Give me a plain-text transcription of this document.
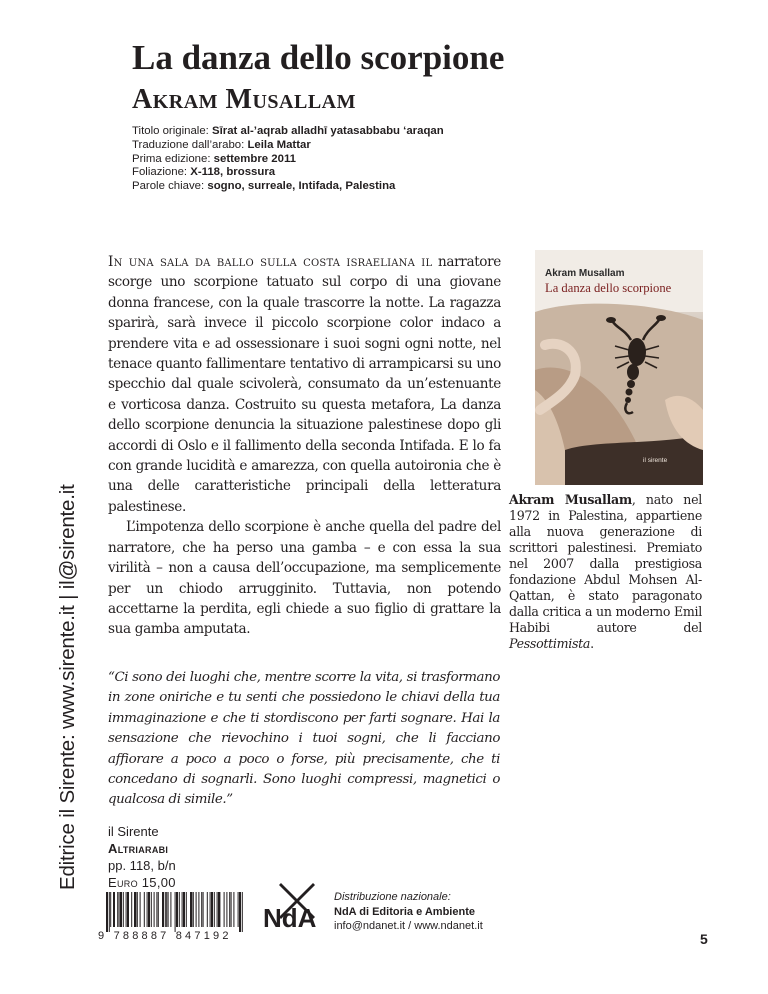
Editrice il Sirente: www.sirente.it | il@sirente.it
La danza dello scorpione
Akram Musallam
Titolo originale: Sīrat al-’aqrab alladhī yatasabbabu ‘araqan
Traduzione dall’arabo: Leila Mattar
Prima edizione: settembre 2011
Foliazione: X-118, brossura
Parole chiave: sogno, surreale, Intifada, Palestina

In una sala da ballo sulla costa israeliana il narratore scorge uno scorpione tatuato sul corpo di una giovane donna francese, con la quale trascorre la notte. La ragazza sparirà, sarà invece il piccolo scorpione color indaco a prendere vita e ad ossessionare i suoi sogni ogni notte, nel tenace quanto fallimentare tentativo di arrampicarsi su uno specchio dal quale scivolerà, consumato da un’estenuante e vorticosa danza. Costruito su questa metafora, La danza dello scorpione denuncia la situazione palestinese dopo gli accordi di Oslo e il fallimento della seconda Intifada. E lo fa con grande lucidità e amarezza, con quella autoironia che è una delle caratteristiche principali della letteratura palestinese.

L’impotenza dello scorpione è anche quella del padre del narratore, che ha perso una gamba – e con essa la sua virilità – non a causa dell’occupazione, ma semplicemente per un chiodo arrugginito. Tuttavia, non potendo accettarne la perdita, egli chiede a suo figlio di grattare la sua gamba amputata.

“Ci sono dei luoghi che, mentre scorre la vita, si trasformano in zone oniriche e tu senti che possiedono le chiavi della tua immaginazione e che ti stordiscono per farti sognare. Hai la sensazione che rievochino i tuoi sogni, che li facciano affiorare a poco a poco o forse, più precisamente, che ti concedano di sognarli. Sono luoghi compressi, magnetici o qualcosa di simile.”

Akram Musallam
La danza dello scorpione
il sirente

Akram Musallam, nato nel 1972 in Palestina, appartiene alla nuova generazione di scrittori palestinesi. Premiato nel 2007 dalla prestigiosa fondazione Abdul Mohsen Al-Qattan, è stato paragonato dalla critica a un moderno Emil Habibi autore del Pessottimista.

il Sirente
Altriarabi
pp. 118, b/n
Euro 15,00
9 788887 847192
NdA
Distribuzione nazionale:
NdA di Editoria e Ambiente
info@ndanet.it / www.ndanet.it
5
